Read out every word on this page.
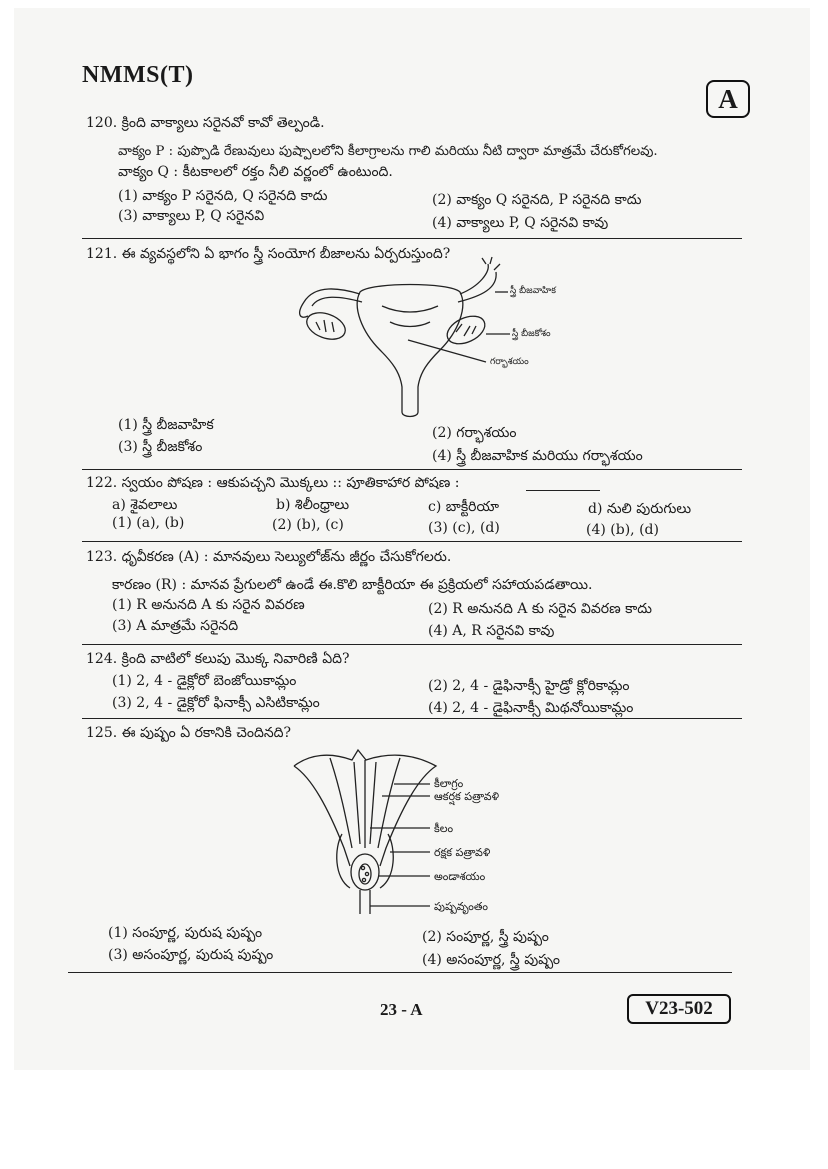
NMMS(T)
A
120. క్రింది వాక్యాలు సరైనవో కావో తెల్పండి.
వాక్యం P : పుప్పొడి రేణువులు పుష్పాలలోని కీలాగ్రాలను గాలి మరియు నీటి ద్వారా మాత్రమే చేరుకోగలవు.
వాక్యం Q : కీటకాలలో రక్తం నీలి వర్ణంలో ఉంటుంది.
(1) వాక్యం P సరైనది, Q సరైనది కాదు	(2) వాక్యం Q సరైనది, P సరైనది కాదు
(3) వాక్యాలు P, Q సరైనవి	(4) వాక్యాలు P, Q సరైనవి కావు
121. ఈ వ్యవస్థలోని ఏ భాగం స్త్రీ సంయోగ బీజాలను ఏర్పరుస్తుంది?
స్త్రీ బీజవాహిక
స్త్రీ బీజకోశం
గర్భాశయం
(1) స్త్రీ బీజవాహిక	(2) గర్భాశయం
(3) స్త్రీ బీజకోశం
(4) స్త్రీ బీజవాహిక మరియు గర్భాశయం
122. స్వయం పోషణ : ఆకుపచ్చని మొక్కలు :: పూతికాహార పోషణ :
a) శైవలాలు	b) శిలీంధ్రాలు	c) బాక్టీరియా	d) నులి పురుగులు
(1) (a), (b)	(2) (b), (c)	(3) (c), (d)	(4) (b), (d)
123. ధృవీకరణ (A) : మానవులు సెల్యులోజ్‌ను జీర్ణం చేసుకోగలరు.
కారణం (R) : మానవ ప్రేగులలో ఉండే ఈ.కొలి బాక్టీరియా ఈ ప్రక్రియలో సహాయపడతాయి.
(1) R అనునది A కు సరైన వివరణ	(2) R అనునది A కు సరైన వివరణ కాదు
(3) A మాత్రమే సరైనది	(4) A, R సరైనవి కావు
124. క్రింది వాటిలో కలుపు మొక్క నివారిణి ఏది?
(1) 2, 4 - డైక్లోరో బెంజోయికామ్లం	(2) 2, 4 - డైఫినాక్సీ హైడ్రో క్లోరికామ్లం
(3) 2, 4 - డైక్లోరో ఫినాక్సీ ఎసిటికామ్లం	(4) 2, 4 - డైఫినాక్సీ మిథనోయికామ్లం
125. ఈ పుష్పం ఏ రకానికి చెందినది?
కీలాగ్రం
ఆకర్షక పత్రావళి
కీలం
రక్షక పత్రావళి
అండాశయం
పుష్పవృంతం
(1) సంపూర్ణ, పురుష పుష్పం	(2) సంపూర్ణ, స్త్రీ పుష్పం
(3) అసంపూర్ణ, పురుష పుష్పం	(4) అసంపూర్ణ, స్త్రీ పుష్పం
23 - A	V23-502
